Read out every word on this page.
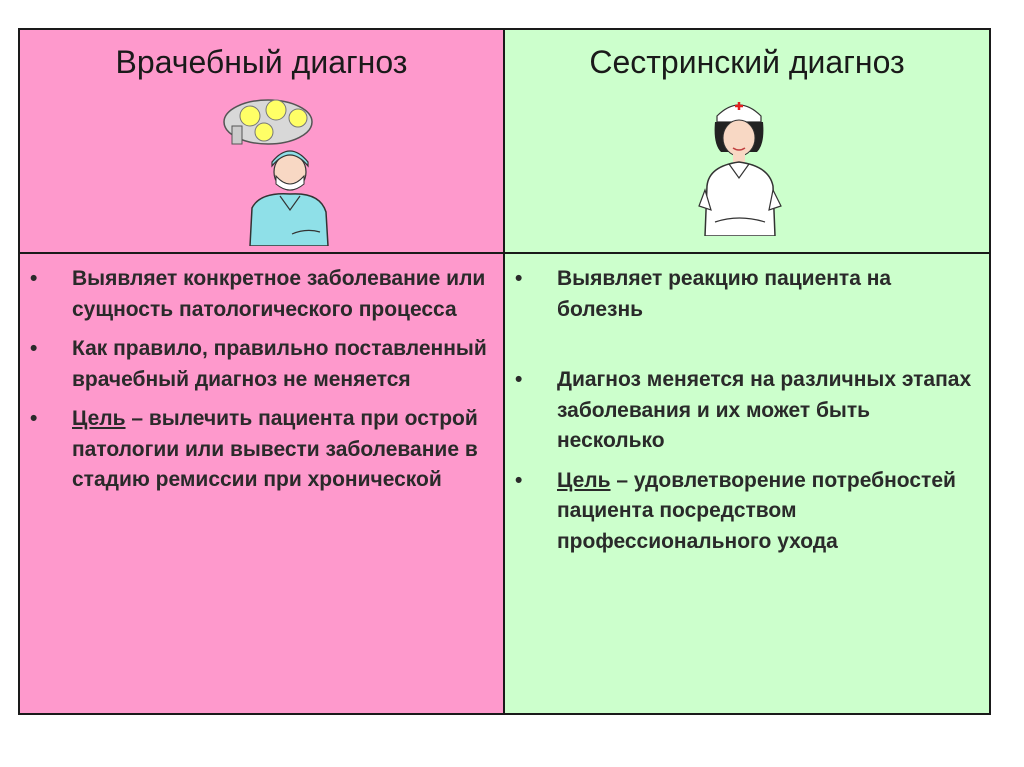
Врачебный диагноз	Сестринский диагноз
• Выявляет конкретное заболевание или сущность патологического процесса
• Как правило, правильно поставленный врачебный диагноз не меняется
• Цель – вылечить пациента при острой патологии или вывести заболевание в стадию ремиссии при хронической
• Выявляет реакцию пациента на болезнь
• Диагноз меняется на различных этапах заболевания и их может быть несколько
• Цель – удовлетворение потребностей пациента посредством профессионального ухода
